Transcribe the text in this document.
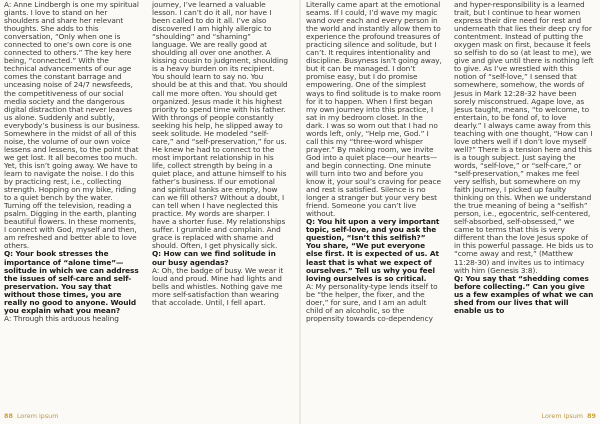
A: Anne Lindbergh is one my spiritual giants. I love to stand on her shoulders and share her relevant thoughts. She adds to this conversation, “Only when one is connected to one’s own core is one connected to others.” The key here being, “connected.” With the technical advancements of our age comes the constant barrage and unceasing noise of 24/7 newsfeeds, the competitiveness of our social media society and the dangerous digital distraction that never leaves us alone. Suddenly and subtly, everybody’s business is our business. Somewhere in the midst of all of this noise, the volume of our own voice lessens and lessens, to the point that we get lost. It all becomes too much. Yet, this isn’t going away. We have to learn to navigate the noise. I do this by practicing rest, i.e., collecting strength. Hopping on my bike, riding to a quiet bench by the water. Turning off the television, reading a psalm. Digging in the earth, planting beautiful flowers. In these moments, I connect with God, myself and then, am refreshed and better able to love others.

Q: Your book stresses the importance of “alone time”—solitude in which we can address the issues of self-care and self-preservation. You say that without those times, you are really no good to anyone. Would you explain what you mean?

A: Through this arduous healing

journey, I’ve learned a valuable lesson. I can’t do it all, nor have I been called to do it all. I’ve also discovered I am highly allergic to “shoulding” and “shaming” language. We are really good at shoulding all over one another. A kissing cousin to judgment, shoulding is a heavy burden on its recipient. You should learn to say no. You should be at this and that. You should call me more often. You should get organized. Jesus made it his highest priority to spend time with his father. With throngs of people constantly seeking his help, he slipped away to seek solitude. He modeled “self-care,” and “self-preservation,” for us. He knew he had to connect to the most important relationship in his life, collect strength by being in a quiet place, and attune himself to his father’s business. If our emotional and spiritual tanks are empty, how can we fill others? Without a doubt, I can tell when I have neglected this practice. My words are sharper. I have a shorter fuse. My relationships suffer. I grumble and complain. And grace is replaced with shame and should. Often, I get physically sick.

Q: How can we find solitude in our busy agendas?

A: Oh, the badge of busy. We wear it loud and proud. Mine had lights and bells and whistles. Nothing gave me more self-satisfaction than wearing that accolade. Until, I fell apart.

Literally came apart at the emotional seams. If I could, I’d wave my magic wand over each and every person in the world and instantly allow them to experience the profound treasures of practicing silence and solitude, but I can’t. It requires intentionality and discipline. Busyness isn’t going away, but it can be managed. I don’t promise easy, but I do promise empowering. One of the simplest ways to find solitude is to make room for it to happen. When I first began my own journey into this practice, I sat in my bedroom closet. In the dark. I was so worn out that I had no words left, only, “Help me, God.” I call this my “three-word whisper prayer.” By making room, we invite God into a quiet place—our hearts—and begin connecting. One minute will turn into two and before you know it, your soul’s craving for peace and rest is satisfied. Silence is no longer a stranger but your very best friend. Someone you can’t live without.

Q: You hit upon a very important topic, self-love, and you ask the question, “Isn’t this selfish?” You share, “We put everyone else first. It is expected of us. At least that is what we expect of ourselves.” Tell us why you feel loving ourselves is so critical.

A: My personality-type lends itself to be “the helper, the fixer, and the doer,” for sure, and I am an adult child of an alcoholic, so the propensity towards co-dependency

and hyper-responsibility is a learned trait, but I continue to hear women express their dire need for rest and underneath that lies their deep cry for contentment. Instead of putting the oxygen mask on first, because it feels so selfish to do so (at least to me), we give and give until there is nothing left to give. As I’ve wrestled with this notion of “self-love,” I sensed that somewhere, somehow, the words of Jesus in Mark 12:28-32 have been sorely misconstrued. Agape love, as Jesus taught, means, “to welcome, to entertain, to be fond of, to love dearly.” I always came away from this teaching with one thought, “How can I love others well if I don’t love myself well?” There is a tension here and this is a tough subject. Just saying the words, “self-love,” or “self-care,” or “self-preservation,” makes me feel very selfish, but somewhere on my faith journey, I picked up faulty thinking on this. When we understand the true meaning of being a “selfish” person, i.e., egocentric, self-centered, self-absorbed, self-obsessed,” we came to terms that this is very different than the love Jesus spoke of in this powerful passage. He bids us to “come away and rest,” (Matthew 11:28-30) and invites us to intimacy with him (Genesis 3:8).

Q: You say that “shedding comes before collecting.” Can you give us a few examples of what we can shed from our lives that will enable us to

88 Lorem ipsum	Lorem ipsum 89
